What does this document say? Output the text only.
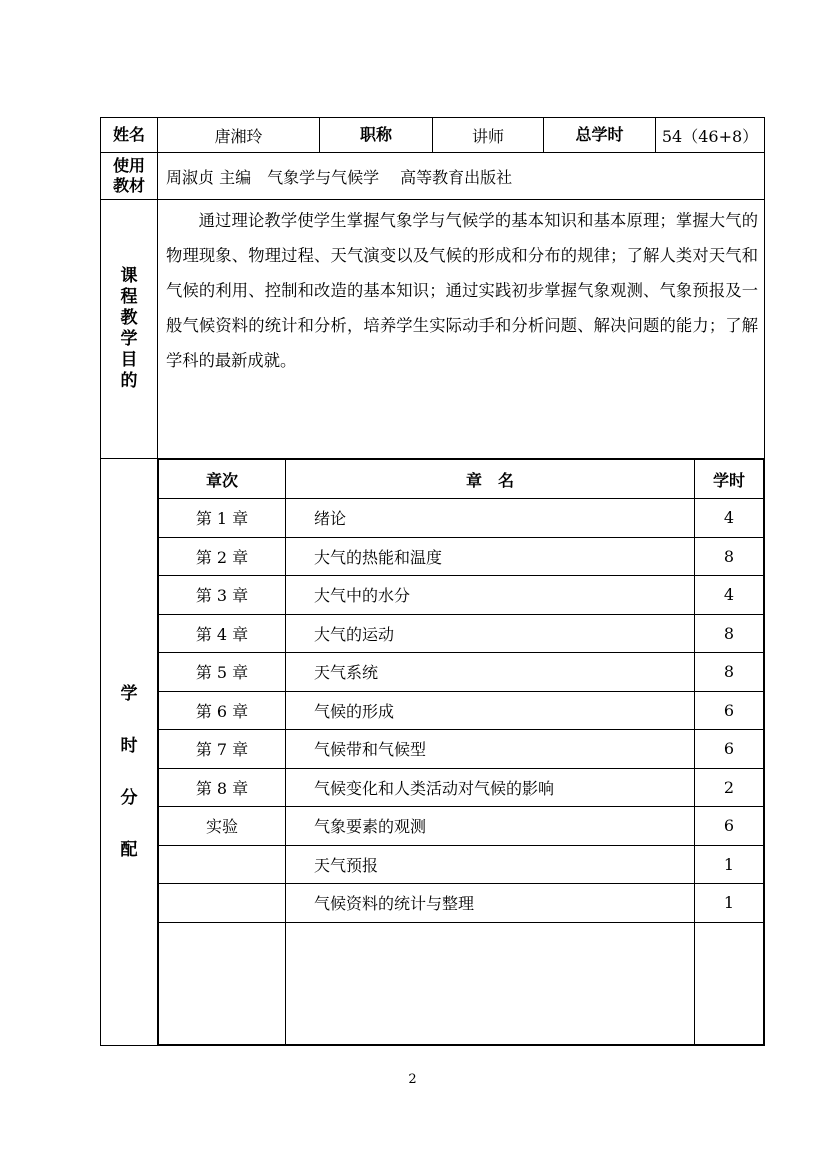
姓名	唐湘玲	职称	讲师	总学时	54（46+8）

使用
教材	周淑贞 主编　气象学与气候学　 高等教育出版社

课
程
教
学
目
的
	通过理论教学使学生掌握气象学与气候学的基本知识和基本原理；掌握大气的物理现象、物理过程、天气演变以及气候的形成和分布的规律；了解人类对天气和气候的利用、控制和改造的基本知识；通过实践初步掌握气象观测、气象预报及一般气候资料的统计和分析，培养学生实际动手和分析问题、解决问题的能力；了解学科的最新成就。

学
时
分
配

章次	章　名	学时
第 1 章	绪论	4
第 2 章	大气的热能和温度	8
第 3 章	大气中的水分	4
第 4 章	大气的运动	8
第 5 章	天气系统	8
第 6 章	气候的形成	6
第 7 章	气候带和气候型	6
第 8 章	气候变化和人类活动对气候的影响	2
实验	气象要素的观测	6
	天气预报	1
	气候资料的统计与整理	1

2
